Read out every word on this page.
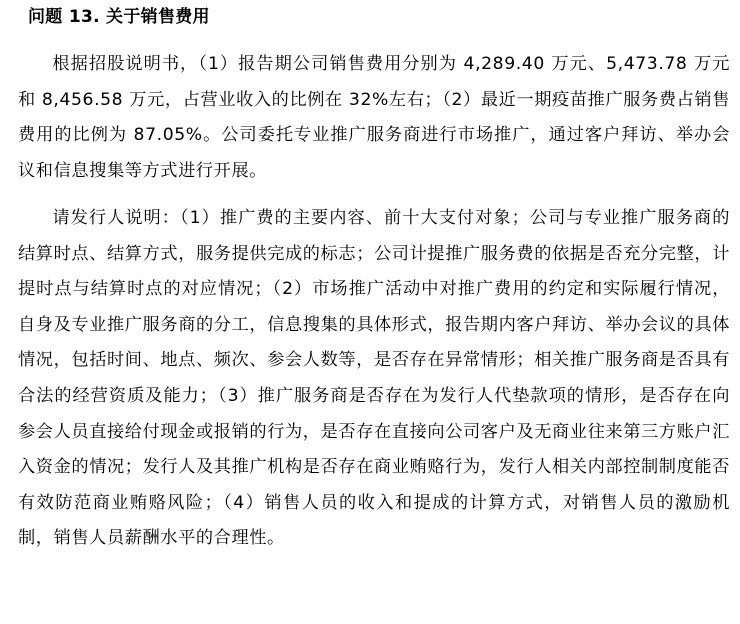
问题 13. 关于销售费用

根据招股说明书，（1）报告期公司销售费用分别为 4,289.40 万元、5,473.78 万元和 8,456.58 万元，占营业收入的比例在 32%左右；（2）最近一期疫苗推广服务费占销售费用的比例为 87.05%。公司委托专业推广服务商进行市场推广，通过客户拜访、举办会议和信息搜集等方式进行开展。

请发行人说明：（1）推广费的主要内容、前十大支付对象；公司与专业推广服务商的结算时点、结算方式，服务提供完成的标志；公司计提推广服务费的依据是否充分完整，计提时点与结算时点的对应情况；（2）市场推广活动中对推广费用的约定和实际履行情况，自身及专业推广服务商的分工，信息搜集的具体形式，报告期内客户拜访、举办会议的具体情况，包括时间、地点、频次、参会人数等，是否存在异常情形；相关推广服务商是否具有合法的经营资质及能力；（3）推广服务商是否存在为发行人代垫款项的情形，是否存在向参会人员直接给付现金或报销的行为，是否存在直接向公司客户及无商业往来第三方账户汇入资金的情况；发行人及其推广机构是否存在商业贿赂行为，发行人相关内部控制制度能否有效防范商业贿赂风险；（4）销售人员的收入和提成的计算方式，对销售人员的激励机制，销售人员薪酬水平的合理性。
